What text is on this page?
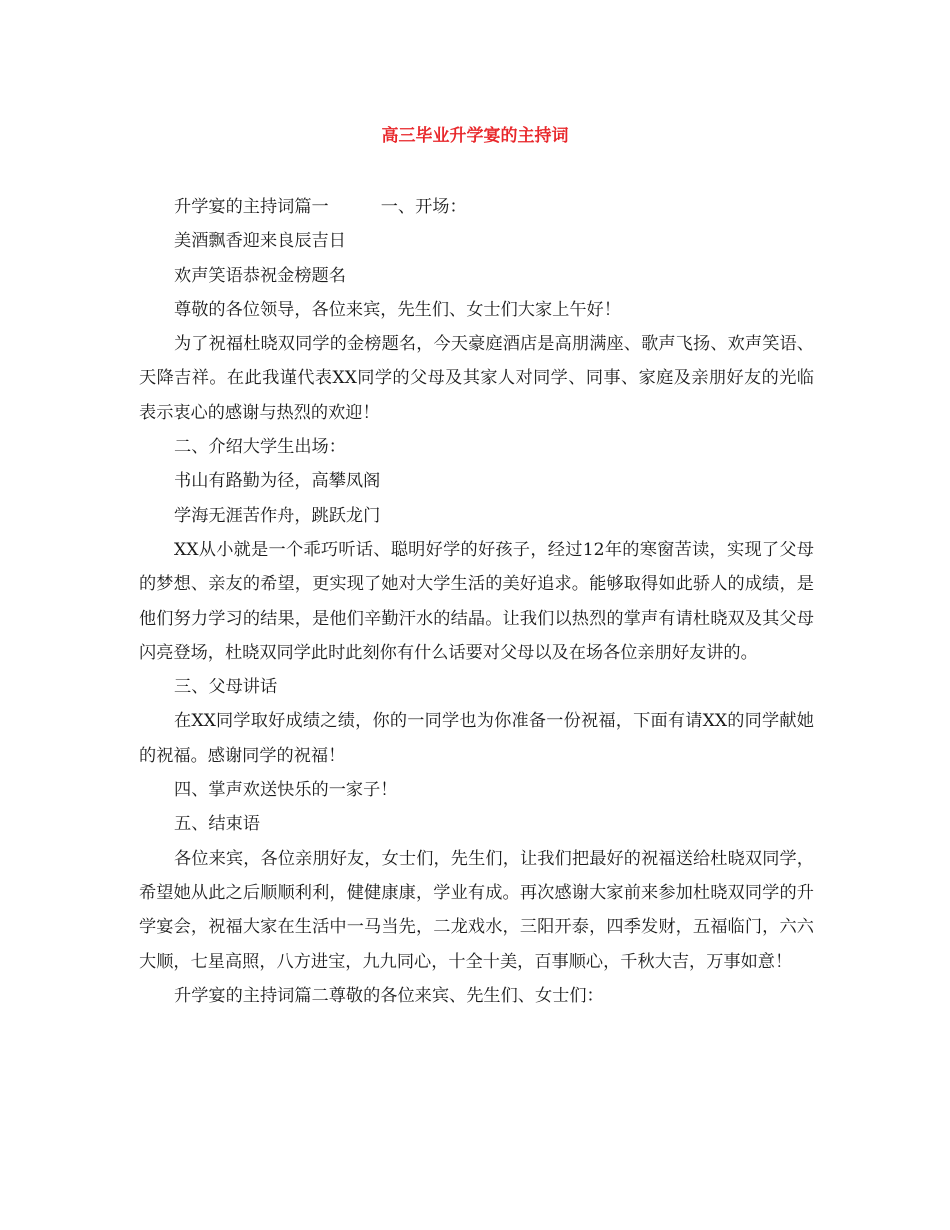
高三毕业升学宴的主持词

升学宴的主持词篇一	一、开场：

美酒飘香迎来良辰吉日

欢声笑语恭祝金榜题名

尊敬的各位领导，各位来宾，先生们、女士们大家上午好！

为了祝福杜晓双同学的金榜题名，今天豪庭酒店是高朋满座、歌声飞扬、欢声笑语、天降吉祥。在此我谨代表XX同学的父母及其家人对同学、同事、家庭及亲朋好友的光临表示衷心的感谢与热烈的欢迎！

二、介绍大学生出场：

书山有路勤为径，高攀凤阁

学海无涯苦作舟，跳跃龙门

XX从小就是一个乖巧听话、聪明好学的好孩子，经过12年的寒窗苦读，实现了父母的梦想、亲友的希望，更实现了她对大学生活的美好追求。能够取得如此骄人的成绩，是他们努力学习的结果，是他们辛勤汗水的结晶。让我们以热烈的掌声有请杜晓双及其父母闪亮登场，杜晓双同学此时此刻你有什么话要对父母以及在场各位亲朋好友讲的。

三、父母讲话

在XX同学取好成绩之绩，你的一同学也为你准备一份祝福，下面有请XX的同学献她的祝福。感谢同学的祝福！

四、掌声欢送快乐的一家子！

五、结束语

各位来宾，各位亲朋好友，女士们，先生们，让我们把最好的祝福送给杜晓双同学，希望她从此之后顺顺利利，健健康康，学业有成。再次感谢大家前来参加杜晓双同学的升学宴会，祝福大家在生活中一马当先，二龙戏水，三阳开泰，四季发财，五福临门，六六大顺，七星高照，八方进宝，九九同心，十全十美，百事顺心，千秋大吉，万事如意！

升学宴的主持词篇二尊敬的各位来宾、先生们、女士们：
